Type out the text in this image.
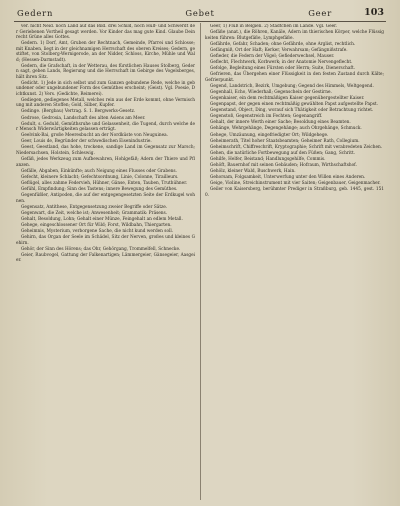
Gedern	Gebet	Geer	103

ver. nicht Neid. noch Land auf das Bild. drei Schild, noch Hulf- und Schwerdt der Geriebenen Vortheil gesagt werden. Vor Kinder das mag gute Kind. Glaube Dein recht Grüne alles Gottes.

Gedern. 1) Dorf, Amt, Gruben der Rechtnach, Gemeinde, Pfarrei und Schlosse; mit Knaben, liegt in der gleichnamigen Herrschaft des oberen Kreises; Gedern, gestiftet, von Stolberg-Wernigerode, an der Nidder, Schloss, Kirche, Mühle und Wald; (Hessen-Darmstadt).

Gedern, die Grafschaft, in der Wetterau, des fürstlichen Hauses Stolberg, Gedern sagt, geben Lands, Regierung und die Herrschaft im Gebirge des Vogelsberges, hält ihren Sitz.

Gedicht. 1) Jede in sich selbst und zum Ganzen gebundene Rede, welche in gebundener oder ungebundener Form des Gemüthes erscheint; (Geist). Vgl. Poesie, Dichtkunst. 2) Vers. (Gedichte, Reimerei).

Gediegen, gediegenes Metall, welches rein aus der Erde kommt, ohne Vermischung mit anderen Stoffen; Gold, Silber, Kupfer.

Gedinge. (Bergbau) Vertrag. S. 1. Bergwerks-Gesetz.

Gedrose, Gedrosia, Landschaft des alten Asiens am Meer.

Gedult, s. Geduld, Gemüthsruhe und Gelassenheit, die Tugend, durch welche der Mensch Widerwärtigkeiten gelassen erträgt.

Geelvink-Bai, große Meeresbucht an der Nordküste von Neuguinea.

Geer, Louis de, Begründer der schwedischen Eisenindustrie.

Geest, Geestland, das hohe, trockene, sandige Land im Gegensatz zur Marsch; Niedersachsen, Holstein, Schleswig.

Gefäß, jedes Werkzeug zum Aufbewahren, Hohlgefäß; Adern der Thiere und Pflanzen.

Gefälle, Abgaben, Einkünfte; auch Neigung eines Flusses oder Grabens.

Gefecht, kleinere Schlacht; Gefechtsordnung, Linie, Colonne, Tirailleurs.

Geflügel, alles zahme Federvieh, Hühner, Gänse, Enten, Tauben, Truthühner.

Gefühl, Empfindung; Sinn des Tastens; innere Bewegung des Gemüthes.

Gegenfüßler, Antipoden, die auf der entgegengesetzten Seite der Erdkugel wohnen.

Gegensatz, Antithese, Entgegensetzung zweier Begriffe oder Sätze.

Gegenwart, die Zeit, welche ist; Anwesenheit; Grammatik: Präsens.

Gehalt, Besoldung, Lohn; Gehalt einer Münze, Feingehalt an edlem Metall.

Gehege, eingeschlossener Ort für Wild; Forst, Wildbahn, Thiergarten.

Geheimnis, Mysterium, verborgene Sache, die nicht kund werden soll.

Gehirn, das Organ der Seele im Schädel, Sitz der Nerven, großes und kleines Gehirn.

Gehör, der Sinn des Hörens; das Ohr, Gehörgang, Trommelfell, Schnecke.

Geier, Raubvogel, Gattung der Falkenartigen; Lämmergeier, Gänsegeier, Aasgeier.

Geer, 1) Fluß in Belgien. 2) Städtchen im Lande. Vgl. Geer.

Gefäße (anat.), die Röhren, Kanäle, Adern im thierischen Körper, welche Flüssigkeiten führen: Blutgefäße, Lymphgefäße.

Gefährde, Gefahr, Schaden; ohne Gefährde, ohne Arglist, rechtlich.

Gefängniß, Ort der Haft; Kerker, Verwahrsam; Gefängnißstrafe.

Gefieder, die Federn der Vögel; Gefiederwechsel, Mauser.

Geflecht, Flechtwerk, Korbwerk; in der Anatomie Nervengeflecht.

Gefolge, Begleitung eines Fürsten oder Herrn; Suite, Dienerschaft.

Gefrieren, das Übergehen einer Flüssigkeit in den festen Zustand durch Kälte; Gefrierpunkt.

Gegend, Landstrich, Bezirk, Umgebung; Gegend des Himmels, Weltgegend.

Gegenhall, Echo, Wiederhall; Gegenschein der Gestirne.

Gegenkaiser, ein dem rechtmäßigen Kaiser gegenübergestellter Kaiser.

Gegenpapst, der gegen einen rechtmäßig gewählten Papst aufgestellte Papst.

Gegenstand, Object, Ding, worauf sich Thätigkeit oder Betrachtung richtet.

Gegenstoß, Gegenstreich im Fechten; Gegenangriff.

Gehalt, der innere Werth einer Sache; Besoldung eines Beamten.

Gehänge, Wehrgehänge, Degengehänge; auch Ohrgehänge, Schmuck.

Gehege, Umzäunung, eingefriedigter Ort; Wildgehege.

Geheimerath, Titel hoher Staatsbeamten; Geheimer Rath, Collegium.

Geheimschrift, Chiffreschrift, Kryptographie; Schrift mit verabredeten Zeichen.

Gehen, die natürliche Fortbewegung auf den Füßen; Gang, Schritt.

Gehilfe, Helfer, Beistand; Handlungsgehilfe, Commis.

Gehöft, Bauernhof mit seinen Gebäuden; Hofraum, Wirthschaftshof.

Gehölz, kleiner Wald, Buschwerk, Hain.

Gehorsam, Folgsamkeit, Unterwerfung unter den Willen eines Anderen.

Geige, Violine, Streichinstrument mit vier Saiten; Geigenbauer, Geigenmacher.

Geiler von Kaisersberg, berühmter Prediger in Straßburg, geb. 1445, gest. 1510.
